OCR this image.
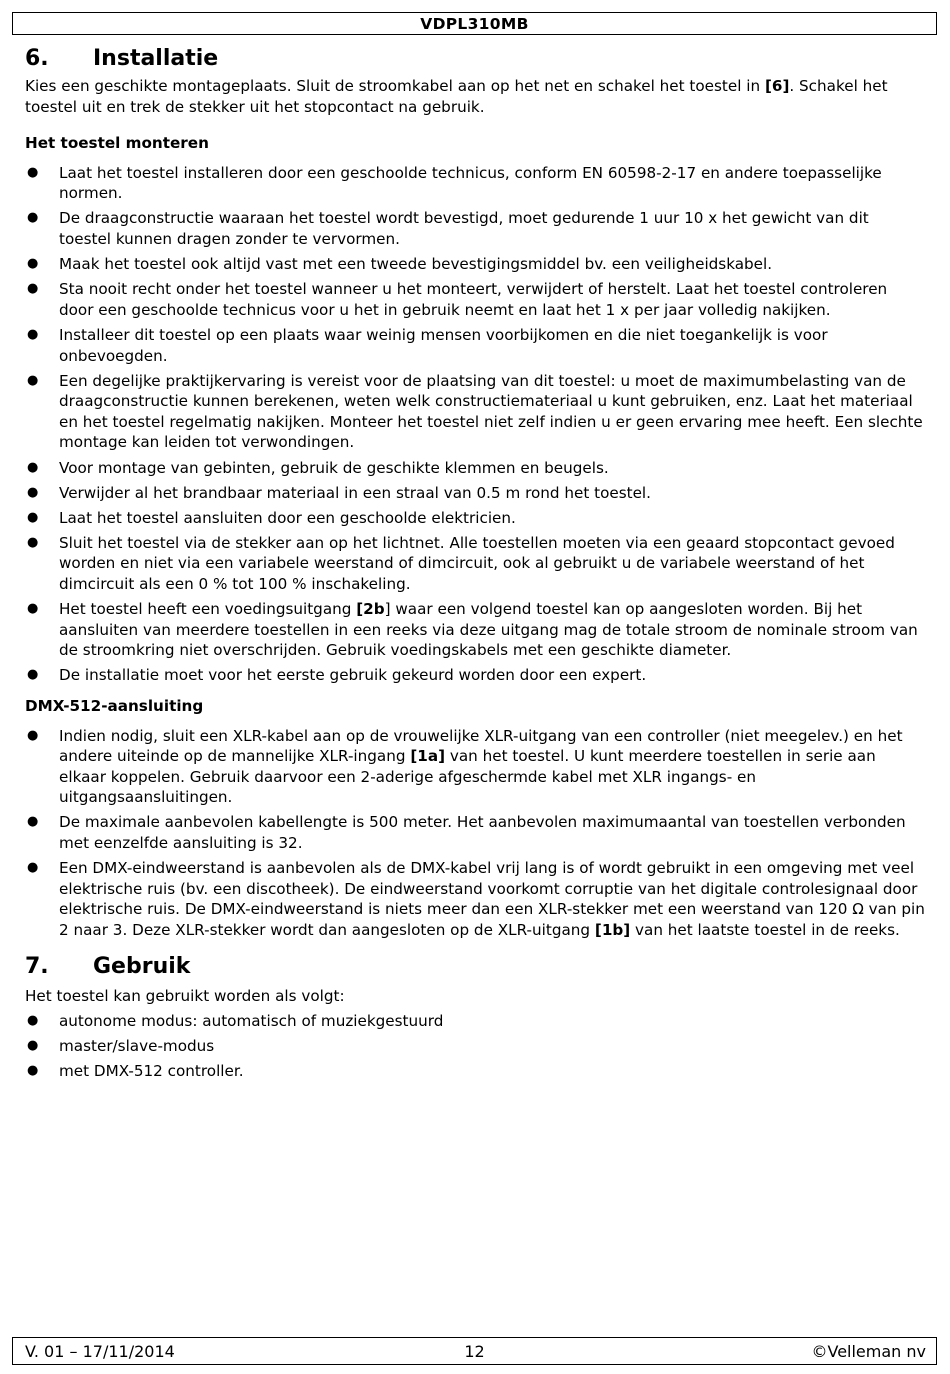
VDPL310MB
6. Installatie

Kies een geschikte montageplaats. Sluit de stroomkabel aan op het net en schakel het toestel in [6]. Schakel het toestel uit en trek de stekker uit het stopcontact na gebruik.

Het toestel monteren

● Laat het toestel installeren door een geschoolde technicus, conform EN 60598-2-17 en andere toepasselijke normen.
● De draagconstructie waaraan het toestel wordt bevestigd, moet gedurende 1 uur 10 x het gewicht van dit toestel kunnen dragen zonder te vervormen.
● Maak het toestel ook altijd vast met een tweede bevestigingsmiddel bv. een veiligheidskabel.
● Sta nooit recht onder het toestel wanneer u het monteert, verwijdert of herstelt. Laat het toestel controleren door een geschoolde technicus voor u het in gebruik neemt en laat het 1 x per jaar volledig nakijken.
● Installeer dit toestel op een plaats waar weinig mensen voorbijkomen en die niet toegankelijk is voor onbevoegden.
● Een degelijke praktijkervaring is vereist voor de plaatsing van dit toestel: u moet de maximumbelasting van de draagconstructie kunnen berekenen, weten welk constructiemateriaal u kunt gebruiken, enz. Laat het materiaal en het toestel regelmatig nakijken. Monteer het toestel niet zelf indien u er geen ervaring mee heeft. Een slechte montage kan leiden tot verwondingen.
● Voor montage van gebinten, gebruik de geschikte klemmen en beugels.
● Verwijder al het brandbaar materiaal in een straal van 0.5 m rond het toestel.
● Laat het toestel aansluiten door een geschoolde elektricien.
● Sluit het toestel via de stekker aan op het lichtnet. Alle toestellen moeten via een geaard stopcontact gevoed worden en niet via een variabele weerstand of dimcircuit, ook al gebruikt u de variabele weerstand of het dimcircuit als een 0 % tot 100 % inschakeling.
● Het toestel heeft een voedingsuitgang [2b] waar een volgend toestel kan op aangesloten worden. Bij het aansluiten van meerdere toestellen in een reeks via deze uitgang mag de totale stroom de nominale stroom van de stroomkring niet overschrijden. Gebruik voedingskabels met een geschikte diameter.
● De installatie moet voor het eerste gebruik gekeurd worden door een expert.

DMX-512-aansluiting

● Indien nodig, sluit een XLR-kabel aan op de vrouwelijke XLR-uitgang van een controller (niet meegelev.) en het andere uiteinde op de mannelijke XLR-ingang [1a] van het toestel. U kunt meerdere toestellen in serie aan elkaar koppelen. Gebruik daarvoor een 2-aderige afgeschermde kabel met XLR ingangs- en uitgangsaansluitingen.
● De maximale aanbevolen kabellengte is 500 meter. Het aanbevolen maximumaantal van toestellen verbonden met eenzelfde aansluiting is 32.
● Een DMX-eindweerstand is aanbevolen als de DMX-kabel vrij lang is of wordt gebruikt in een omgeving met veel elektrische ruis (bv. een discotheek). De eindweerstand voorkomt corruptie van het digitale controlesignaal door elektrische ruis. De DMX-eindweerstand is niets meer dan een XLR-stekker met een weerstand van 120 Ω van pin 2 naar 3. Deze XLR-stekker wordt dan aangesloten op de XLR-uitgang [1b] van het laatste toestel in de reeks.
7. Gebruik

Het toestel kan gebruikt worden als volgt:

● autonome modus: automatisch of muziekgestuurd
● master/slave-modus
● met DMX-512 controller.
V. 01 – 17/11/2014	12	©Velleman nv
